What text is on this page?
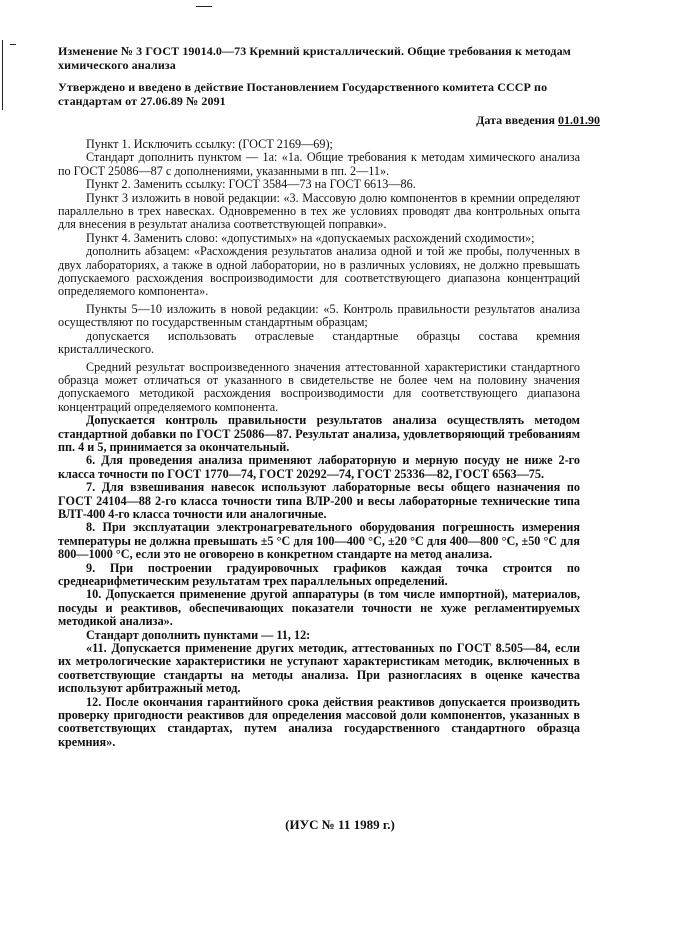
Изменение № 3 ГОСТ 19014.0—73 Кремний кристаллический. Общие требования к методам химического анализа
Утверждено и введено в действие Постановлением Государственного комитета СССР по стандартам от 27.06.89 № 2091
Дата введения 01.01.90

Пункт 1. Исключить ссылку: (ГОСТ 2169—69);

Стандарт дополнить пунктом — 1а: «1а. Общие требования к методам химического анализа по ГОСТ 25086—87 с дополнениями, указанными в пп. 2—11».

Пункт 2. Заменить ссылку: ГОСТ 3584—73 на ГОСТ 6613—86.

Пункт 3 изложить в новой редакции: «3. Массовую долю компонентов в кремнии определяют параллельно в трех навесках. Одновременно в тех же условиях проводят два контрольных опыта для внесения в результат анализа соответствующей поправки».

Пункт 4. Заменить слово: «допустимых» на «допускаемых расхождений сходимости»;

дополнить абзацем: «Расхождения результатов анализа одной и той же пробы, полученных в двух лабораториях, а также в одной лаборатории, но в различных условиях, не должно превышать допускаемого расхождения воспроизводимости для соответствующего диапазона концентраций определяемого компонента».

Пункты 5—10 изложить в новой редакции: «5. Контроль правильности результатов анализа осуществляют по государственным стандартным образцам;

допускается использовать отраслевые стандартные образцы состава кремния кристаллического.

Средний результат воспроизведенного значения аттестованной характеристики стандартного образца может отличаться от указанного в свидетельстве не более чем на половину значения допускаемого методикой расхождения воспроизводимости для соответствующего диапазона концентраций определяемого компонента.

Допускается контроль правильности результатов анализа осуществлять методом стандартной добавки по ГОСТ 25086—87. Результат анализа, удовлетворяющий требованиям пп. 4 и 5, принимается за окончательный.

6. Для проведения анализа применяют лабораторную и мерную посуду не ниже 2-го класса точности по ГОСТ 1770—74, ГОСТ 20292—74, ГОСТ 25336—82, ГОСТ 6563—75.

7. Для взвешивания навесок используют лабораторные весы общего назначения по ГОСТ 24104—88 2-го класса точности типа ВЛР-200 и весы лабораторные технические типа ВЛТ-400 4-го класса точности или аналогичные.

8. При эксплуатации электронагревательного оборудования погрешность измерения температуры не должна превышать ±5 °С для 100—400 °С, ±20 °С для 400—800 °С, ±50 °С для 800—1000 °С, если это не оговорено в конкретном стандарте на метод анализа.

9. При построении градуировочных графиков каждая точка строится по среднеарифметическим результатам трех параллельных определений.

10. Допускается применение другой аппаратуры (в том числе импортной), материалов, посуды и реактивов, обеспечивающих показатели точности не хуже регламентируемых методикой анализа».

Стандарт дополнить пунктами — 11, 12:

«11. Допускается применение других методик, аттестованных по ГОСТ 8.505—84, если их метрологические характеристики не уступают характеристикам методик, включенных в соответствующие стандарты на методы анализа. При разногласиях в оценке качества используют арбитражный метод.

12. После окончания гарантийного срока действия реактивов допускается производить проверку пригодности реактивов для определения массовой доли компонентов, указанных в соответствующих стандартах, путем анализа государственного стандартного образца кремния».

(ИУС № 11 1989 г.)
